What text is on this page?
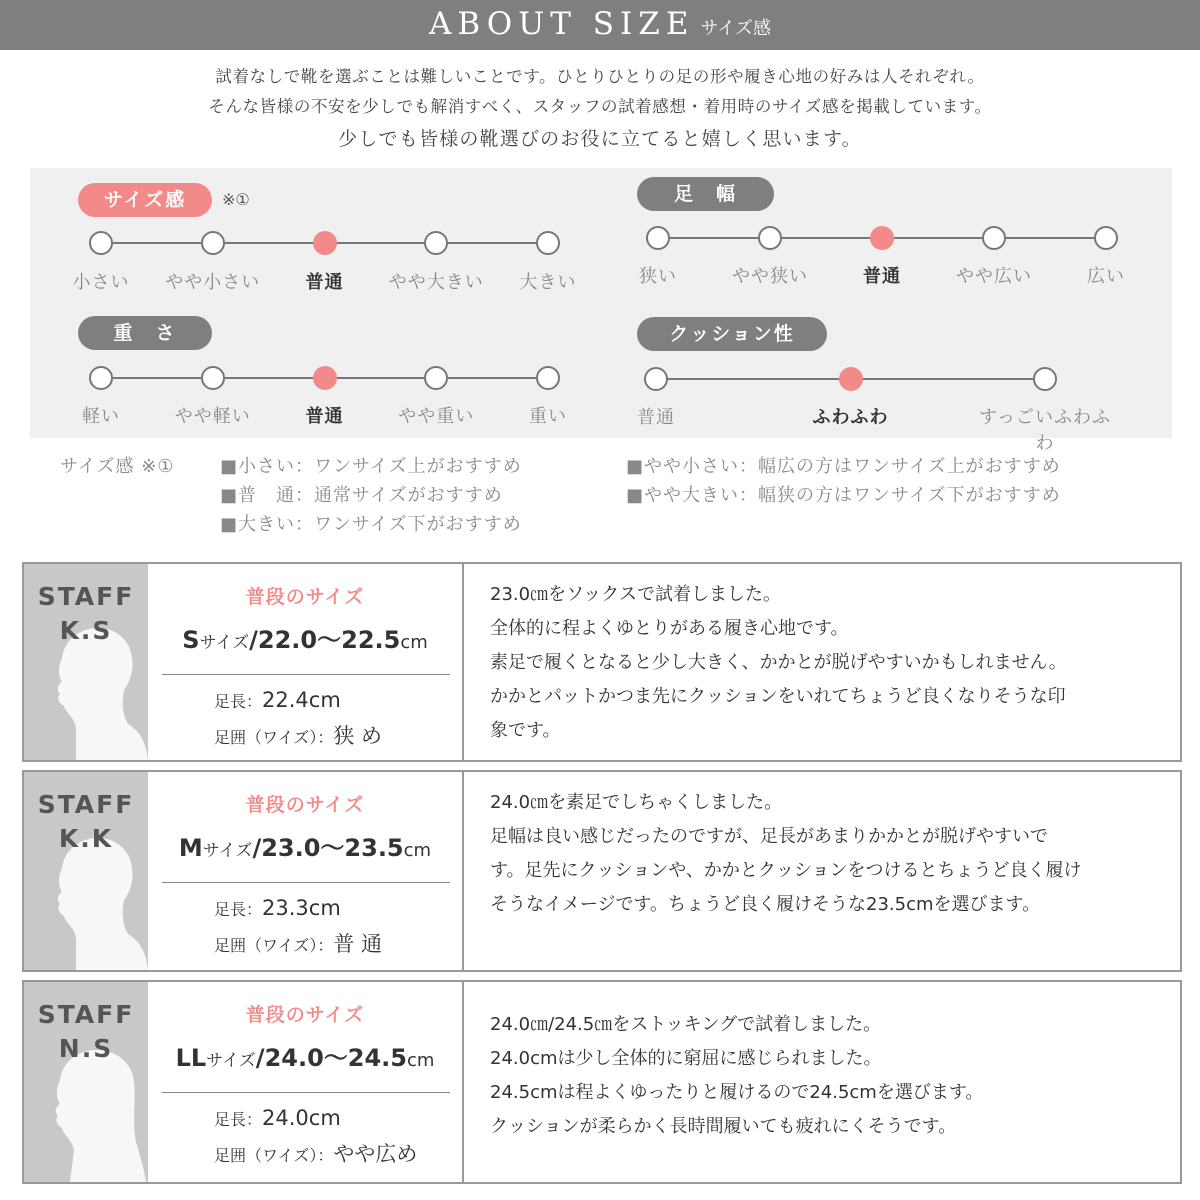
ABOUT SIZE サイズ感
試着なしで靴を選ぶことは難しいことです。ひとりひとりの足の形や履き心地の好みは人それぞれ。
そんな皆様の不安を少しでも解消すべく、スタッフの試着感想・着用時のサイズ感を掲載しています。
少しでも皆様の靴選びのお役に立てると嬉しく思います。
サイズ感	※①	足　幅
重　さ	クッション性
サイズ感 ※①	■小さい：ワンサイズ上がおすすめ
■普　通：通常サイズがおすすめ
■大きい：ワンサイズ下がおすすめ
■やや小さい：幅広の方はワンサイズ上がおすすめ
■やや大きい：幅狭の方はワンサイズ下がおすすめ
STAFF
K.S
普段のサイズ
Sサイズ/22.0〜22.5cm
足長：22.4cm
足囲（ワイズ）：狭 め
23.0㎝をソックスで試着しました。
全体的に程よくゆとりがある履き心地です。
素足で履くとなると少し大きく、かかとが脱げやすいかもしれません。
かかとパットかつま先にクッションをいれてちょうど良くなりそうな印
象です。
STAFF
K.K
普段のサイズ
Mサイズ/23.0〜23.5cm
足長：23.3cm
足囲（ワイズ）：普 通
24.0㎝を素足でしちゃくしました。
足幅は良い感じだったのですが、足長があまりかかとが脱げやすいで
す。足先にクッションや、かかとクッションをつけるとちょうど良く履け
そうなイメージです。ちょうど良く履けそうな23.5cmを選びます。
STAFF
N.S
普段のサイズ
LLサイズ/24.0〜24.5cm
足長：24.0cm
足囲（ワイズ）：やや広め
24.0㎝/24.5㎝をストッキングで試着しました。
24.0cmは少し全体的に窮屈に感じられました。
24.5cmは程よくゆったりと履けるので24.5cmを選びます。
クッションが柔らかく長時間履いても疲れにくそうです。
小さい	やや小さい	普通	やや大きい	大きい	狭い	やや狭い	普通	やや広い	広い
軽い	やや軽い	普通	やや重い	重い	普通	ふわふわ	すっごいふわふわ
